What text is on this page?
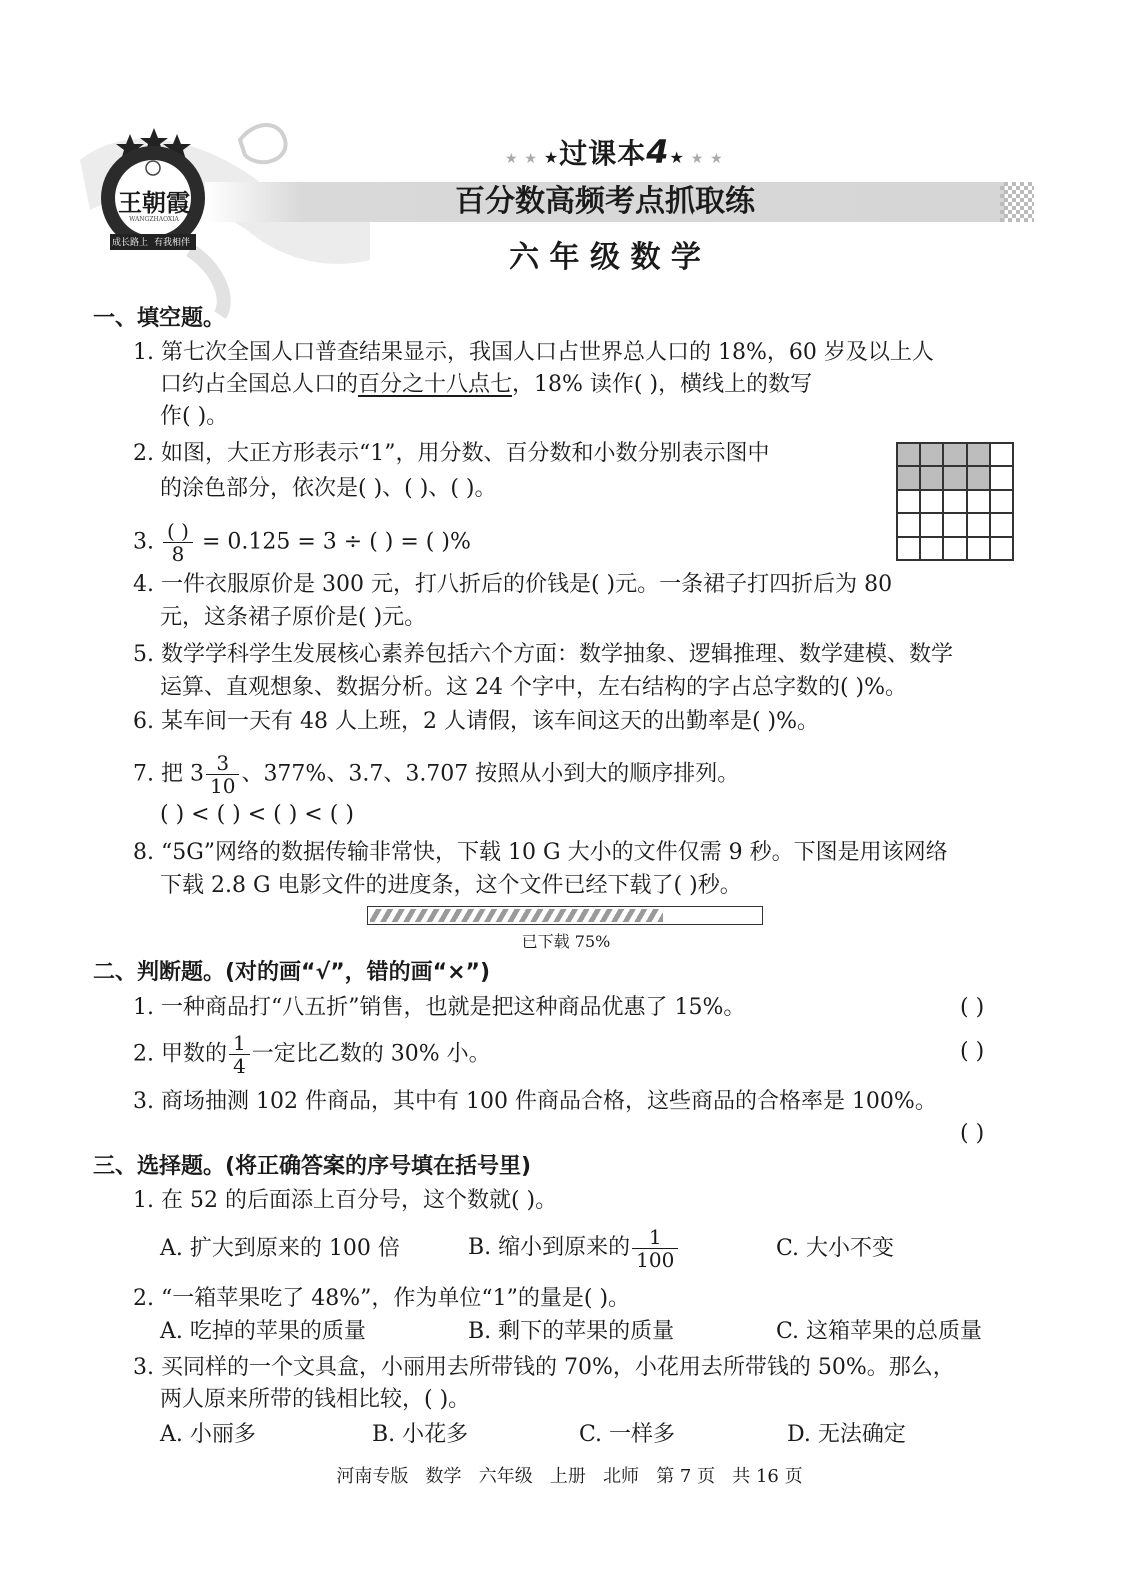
王朝霞
WANGZHAOXIA
成长路上 有我相伴
★ ★ ★过课本4★ ★ ★
百分数高频考点抓取练
六 年 级 数 学
一、填空题。
1. 第七次全国人口普查结果显示，我国人口占世界总人口的 18%，60 岁及以上人
口约占全国总人口的百分之十八点七，18% 读作( )，横线上的数写
作( )。
2. 如图，大正方形表示“1”，用分数、百分数和小数分别表示图中
的涂色部分，依次是( )、( )、( )。
3. $\frac{( )}{8} = 0.125 = 3$ ÷ ( ) = ( )%
4. 一件衣服原价是 300 元，打八折后的价钱是( )元。一条裙子打四折后为 80
元，这条裙子原价是( )元。
5. 数学学科学生发展核心素养包括六个方面：数学抽象、逻辑推理、数学建模、数学
运算、直观想象、数据分析。这 24 个字中，左右结构的字占总字数的( )%。
6. 某车间一天有 48 人上班，2 人请假，该车间这天的出勤率是( )%。
7. 把 $3 \frac{3}{10}$ 、377%、3.7、3.707 按照从小到大的顺序排列。
( ) < ( ) < ( ) < ( )
8. “5G”网络的数据传输非常快，下载 10 G 大小的文件仅需 9 秒。下图是用该网络
下载 2.8 G 电影文件的进度条，这个文件已经下载了( )秒。
已下载 75%
二、判断题。(对的画“√”，错的画“×”)
1. 一种商品打“八五折”销售，也就是把这种商品优惠了 15%。	( )
2. 甲数的 $\frac{1}{4}$ 一定比乙数的 30% 小。	( )
3. 商场抽测 102 件商品，其中有 100 件商品合格，这些商品的合格率是 100%。
( )
三、选择题。(将正确答案的序号填在括号里)
1. 在 52 的后面添上百分号，这个数就( )。
A. 扩大到原来的 100 倍	B. 缩小到原来的 $\frac{1}{100}$	C. 大小不变
2. “一箱苹果吃了 48%”，作为单位“1”的量是( )。
A. 吃掉的苹果的质量	B. 剩下的苹果的质量	C. 这箱苹果的总质量
3. 买同样的一个文具盒，小丽用去所带钱的 70%，小花用去所带钱的 50%。那么，
两人原来所带的钱相比较，( )。
A. 小丽多	B. 小花多	C. 一样多	D. 无法确定
河南专版   数学   六年级   上册   北师   第 7 页   共 16 页
